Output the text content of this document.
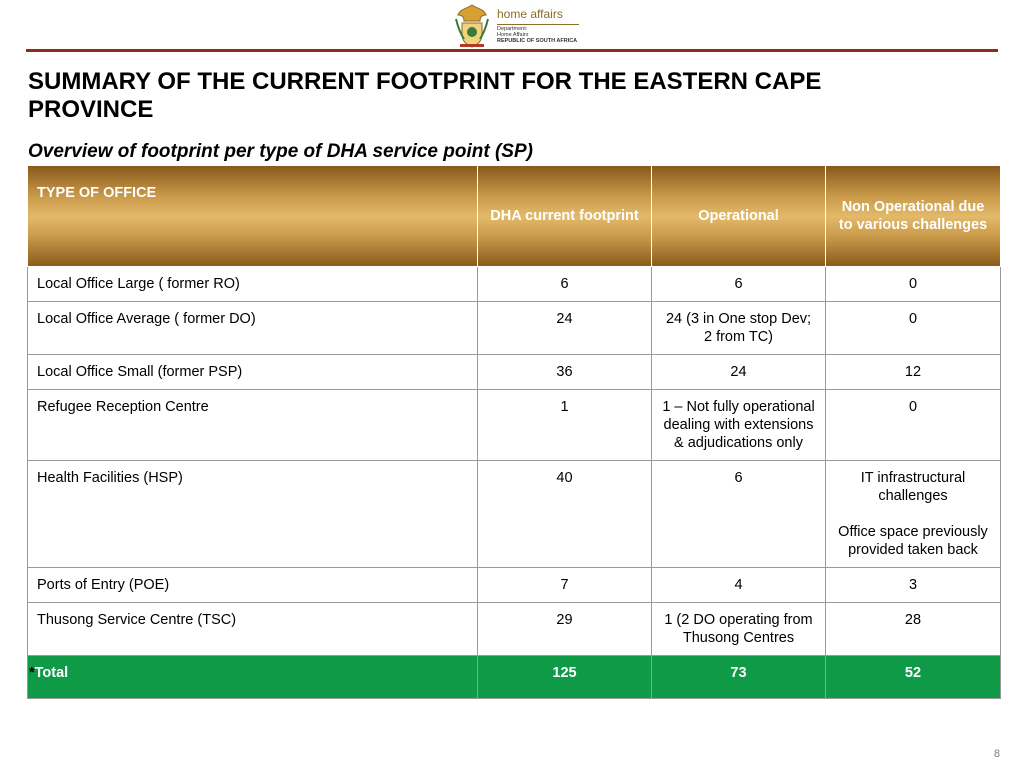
home affairs
Department:
Home Affairs
REPUBLIC OF SOUTH AFRICA
SUMMARY OF THE CURRENT FOOTPRINT FOR THE EASTERN CAPE PROVINCE
Overview of footprint per type of DHA service point (SP)
TYPE OF OFFICE	DHA current footprint	Operational	Non Operational due to various challenges
Local Office Large ( former RO)	6	6	0
Local Office Average ( former DO)	24	24 (3 in One stop Dev; 2 from TC)	0
Local Office Small (former PSP)	36	24	12
Refugee Reception Centre	1	1 – Not fully operational dealing with extensions & adjudications only	0
Health Facilities (HSP)	40	6	IT infrastructural challenges
Office space previously provided taken back

Ports of Entry (POE)	7	4	3
Thusong Service Centre (TSC)	29	1 (2 DO operating from Thusong Centres	28
*Total	125	73	52
8
